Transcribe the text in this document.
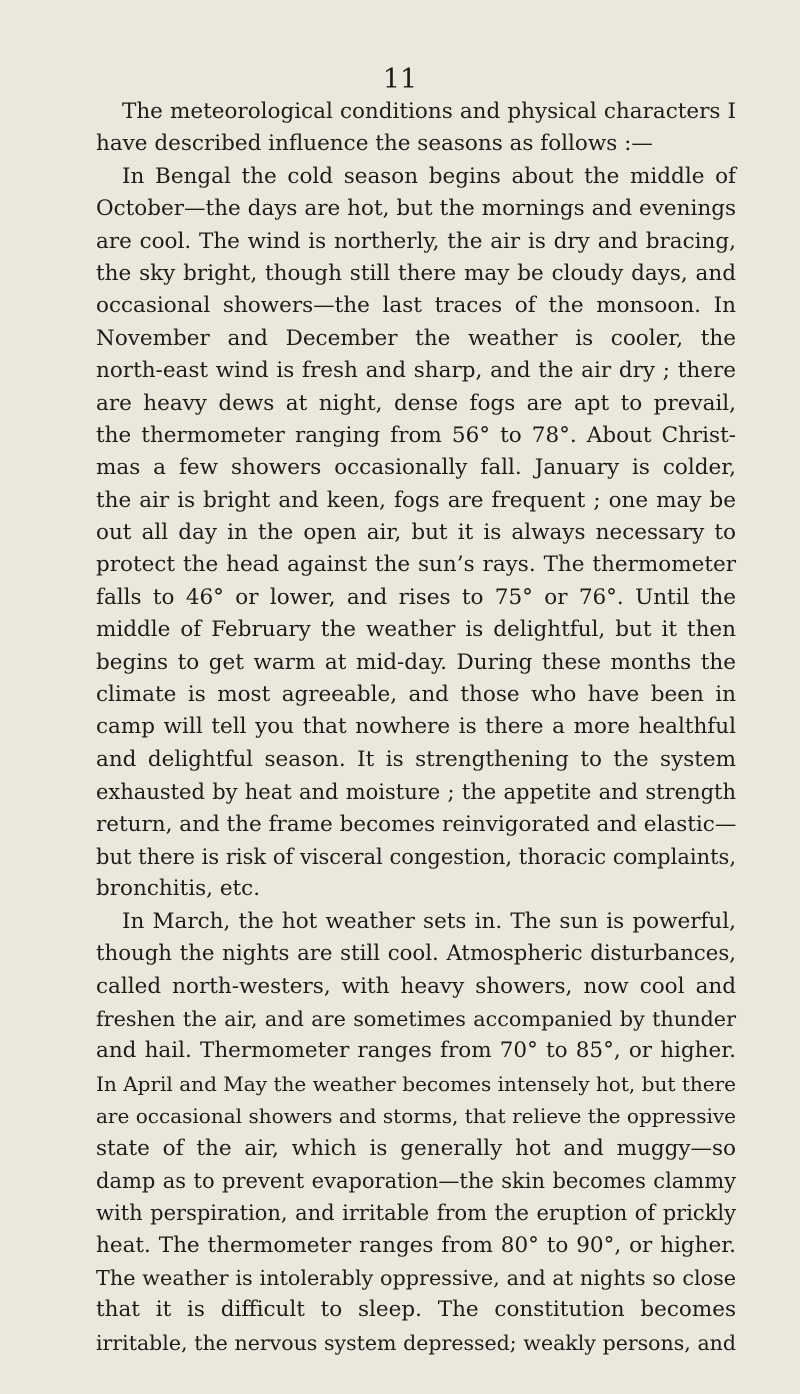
11
The meteorological conditions and physical characters I
have described influence the seasons as follows :—
In Bengal the cold season begins about the middle of
October—the days are hot, but the mornings and evenings
are cool. The wind is northerly, the air is dry and bracing,
the sky bright, though still there may be cloudy days, and
occasional showers—the last traces of the monsoon. In
November and December the weather is cooler, the
north-east wind is fresh and sharp, and the air dry ; there
are heavy dews at night, dense fogs are apt to prevail,
the thermometer ranging from 56° to 78°. About Christ-
mas a few showers occasionally fall. January is colder,
the air is bright and keen, fogs are frequent ; one may be
out all day in the open air, but it is always necessary to
protect the head against the sun’s rays. The thermometer
falls to 46° or lower, and rises to 75° or 76°. Until the
middle of February the weather is delightful, but it then
begins to get warm at mid-day. During these months the
climate is most agreeable, and those who have been in
camp will tell you that nowhere is there a more healthful
and delightful season. It is strengthening to the system
exhausted by heat and moisture ; the appetite and strength
return, and the frame becomes reinvigorated and elastic—
but there is risk of visceral congestion, thoracic complaints,
bronchitis, etc.
In March, the hot weather sets in. The sun is powerful,
though the nights are still cool. Atmospheric disturbances,
called north-westers, with heavy showers, now cool and
freshen the air, and are sometimes accompanied by thunder
and hail. Thermometer ranges from 70° to 85°, or higher.
In April and May the weather becomes intensely hot, but there
are occasional showers and storms, that relieve the oppressive
state of the air, which is generally hot and muggy—so
damp as to prevent evaporation—the skin becomes clammy
with perspiration, and irritable from the eruption of prickly
heat. The thermometer ranges from 80° to 90°, or higher.
The weather is intolerably oppressive, and at nights so close
that it is difficult to sleep. The constitution becomes
irritable, the nervous system depressed; weakly persons, and
